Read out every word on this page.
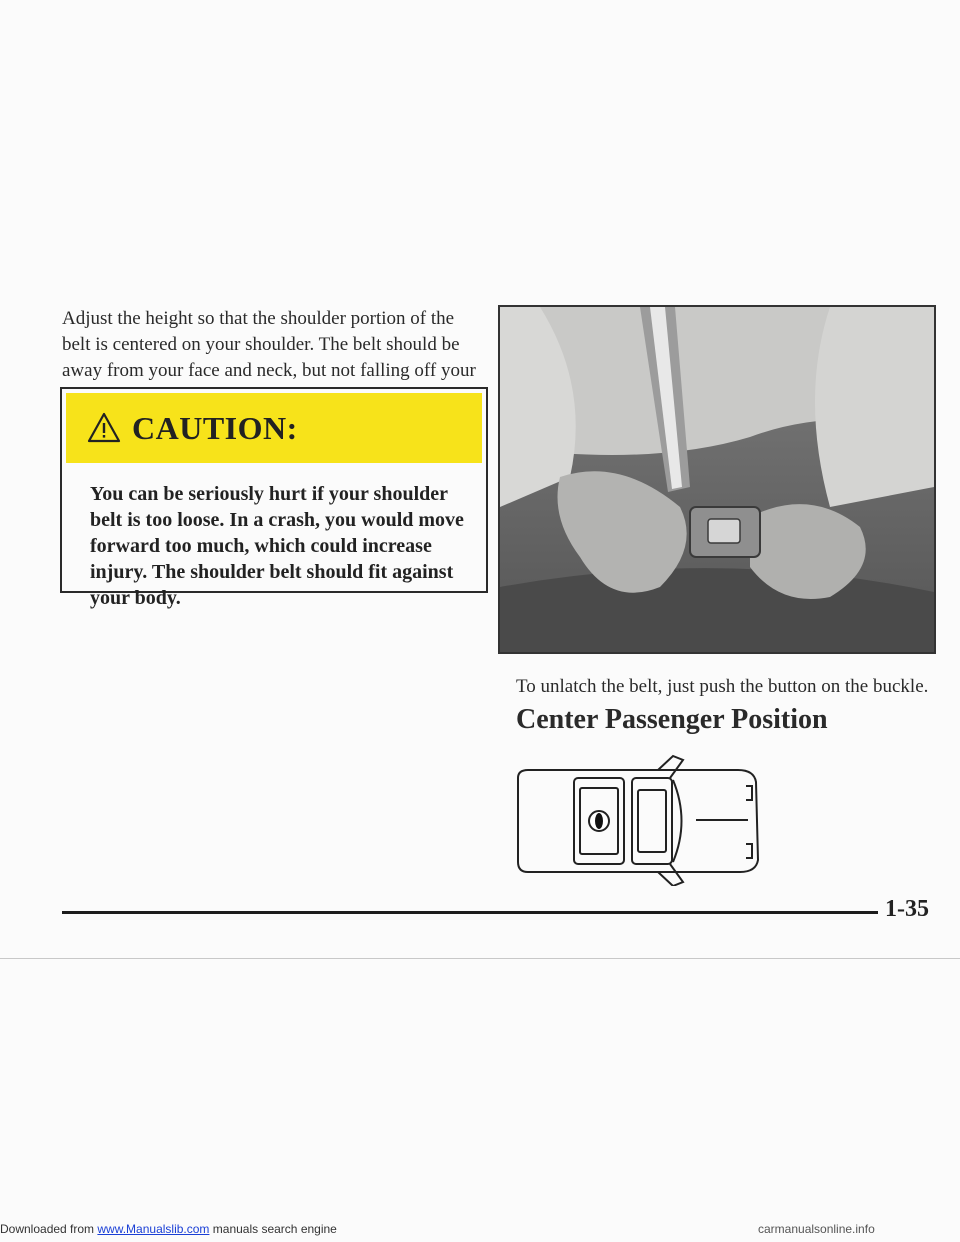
Adjust the height so that the shoulder portion of the belt is centered on your shoulder. The belt should be away from your face and neck, but not falling off your

CAUTION:

You can be seriously hurt if your shoulder belt is too loose. In a crash, you would move forward too much, which could increase injury. The shoulder belt should fit against your body.

To unlatch the belt, just push the button on the buckle.

Center Passenger Position
1-35
Downloaded from www.Manualslib.com manuals search engine	carmanualsonline.info
